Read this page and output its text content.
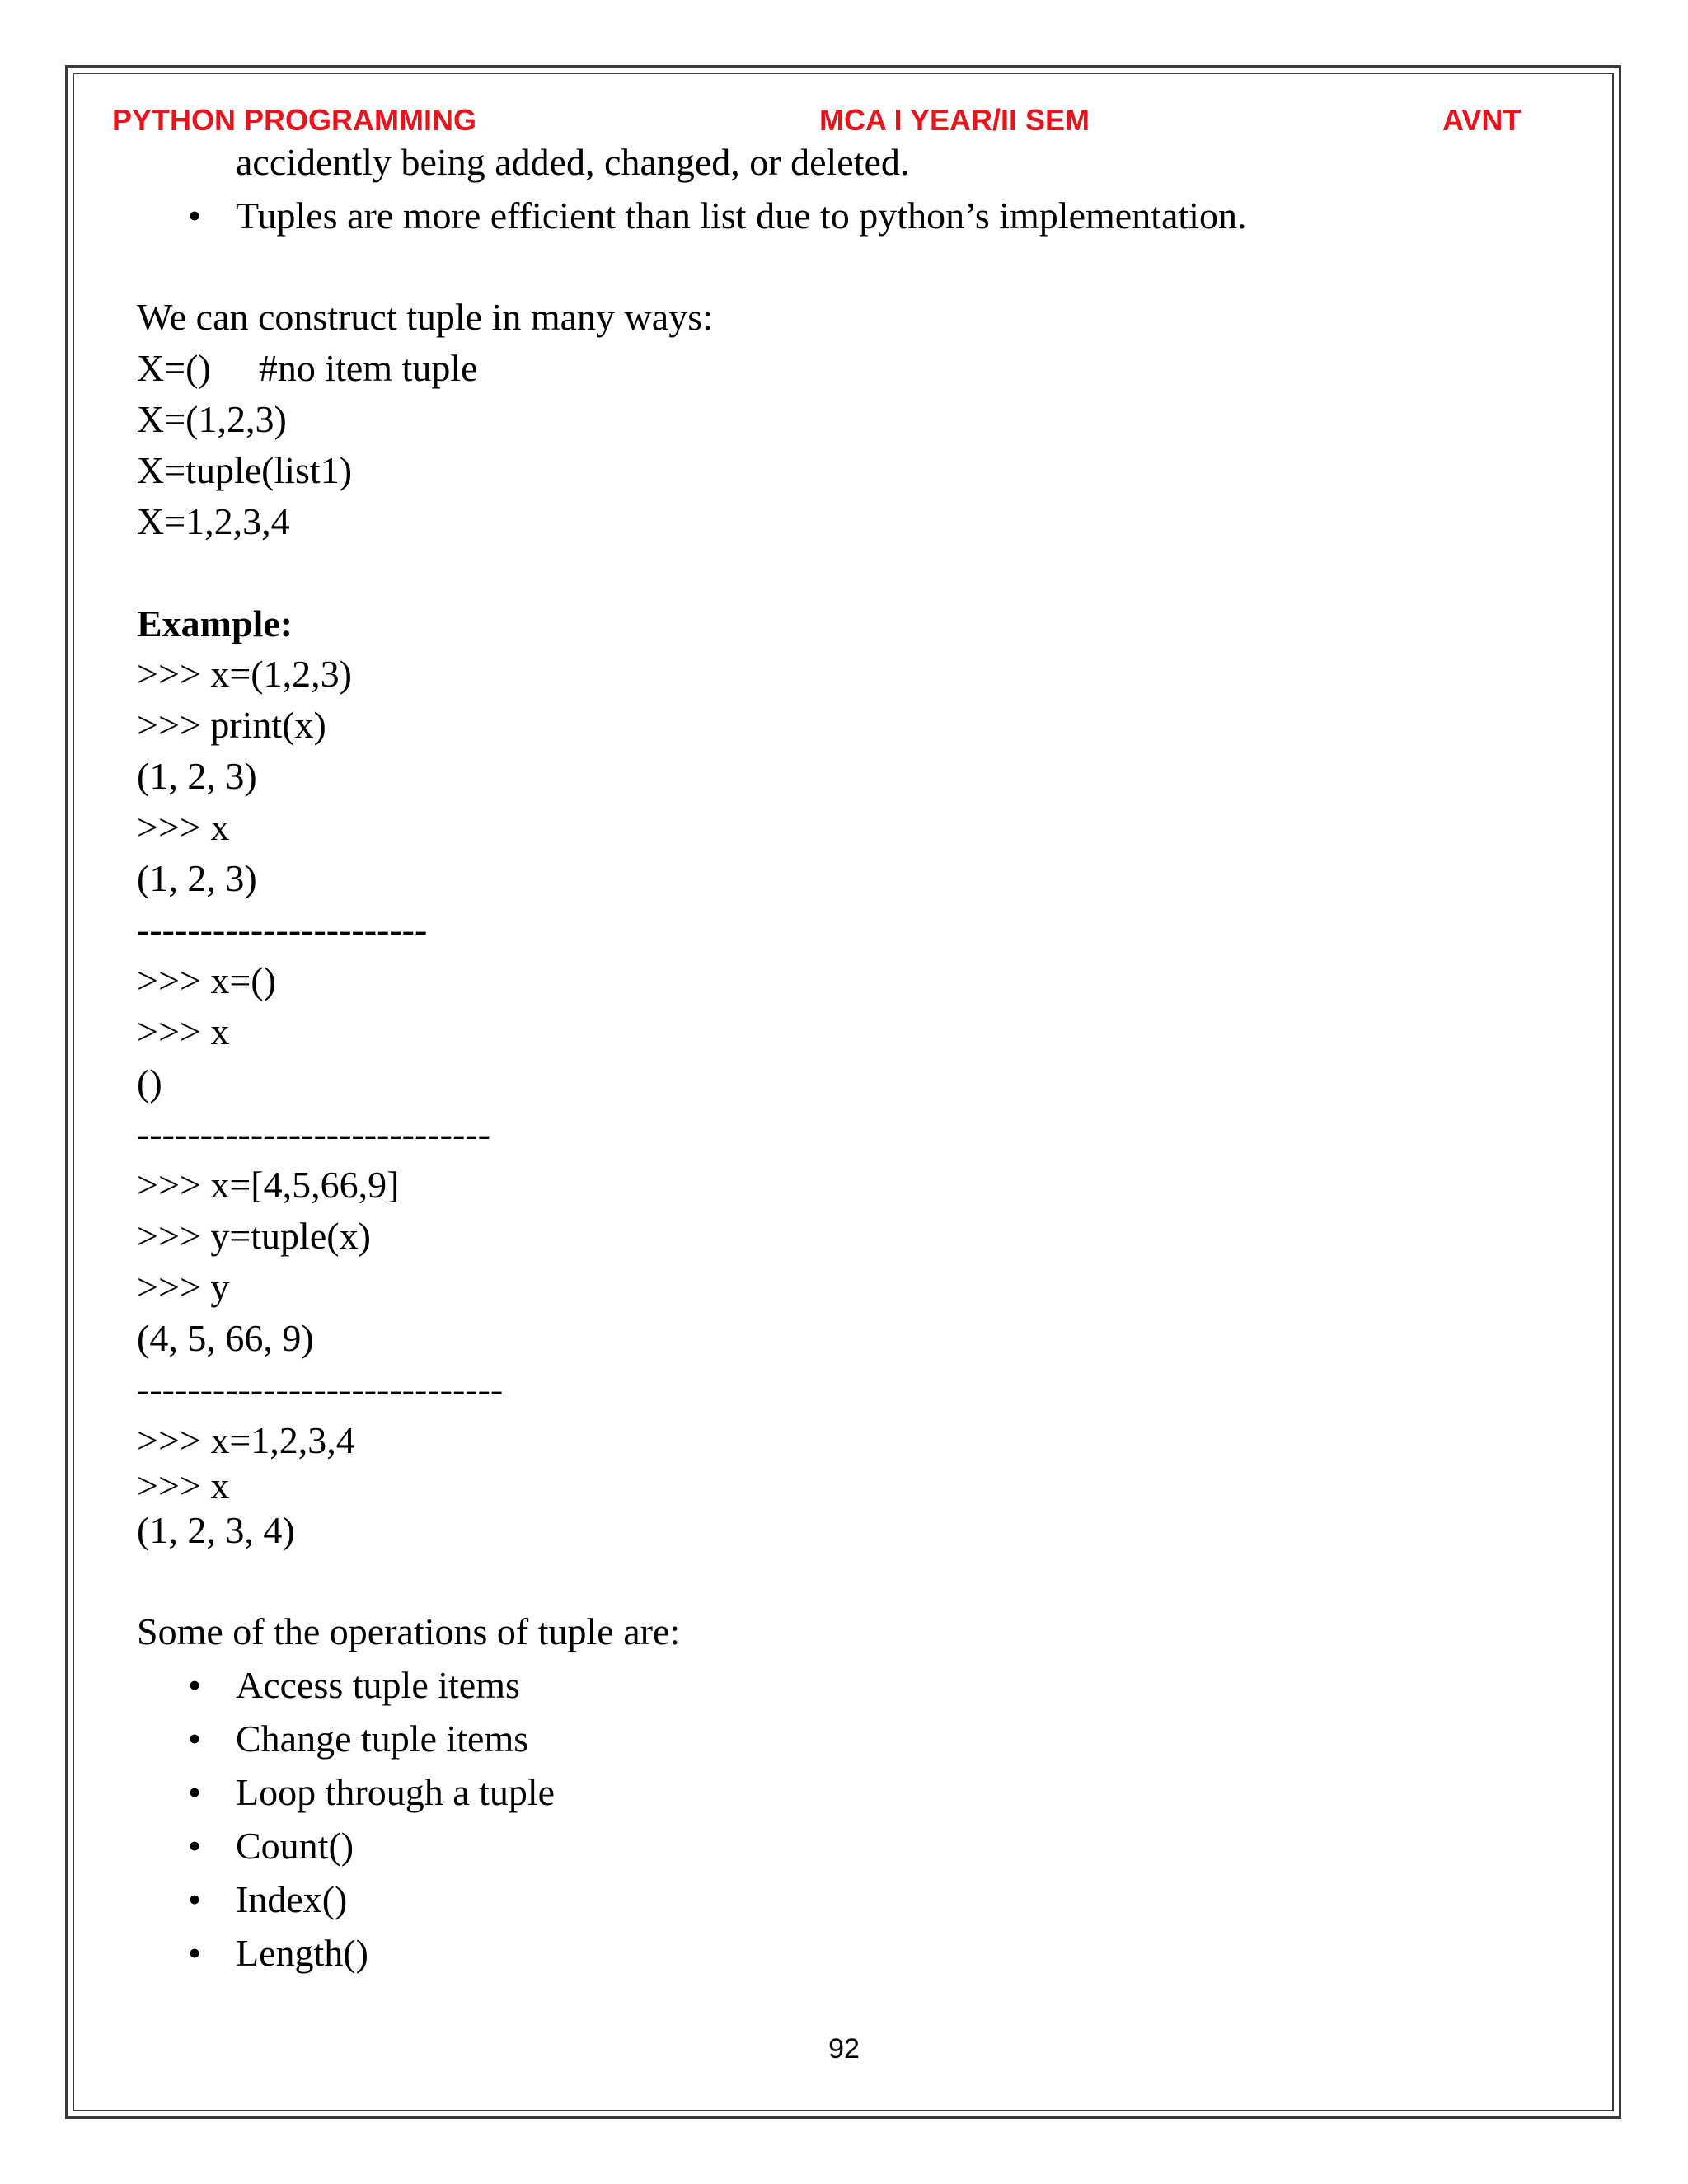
PYTHON PROGRAMMING	MCA I YEAR/II SEM	AVNT
accidently being added, changed, or deleted.
• Tuples are more efficient than list due to python’s implementation.
We can construct tuple in many ways:
X=() #no item tuple
X=(1,2,3)
X=tuple(list1)
X=1,2,3,4
Example:
>>> x=(1,2,3)
>>> print(x)
(1, 2, 3)
>>> x
(1, 2, 3)
-----------------------
>>> x=()
>>> x
()
----------------------------
>>> x=[4,5,66,9]
>>> y=tuple(x)
>>> y
(4, 5, 66, 9)
-----------------------------
>>> x=1,2,3,4
>>> x
(1, 2, 3, 4)
Some of the operations of tuple are:
• Access tuple items
• Change tuple items
• Loop through a tuple
• Count()
• Index()
• Length()
92
